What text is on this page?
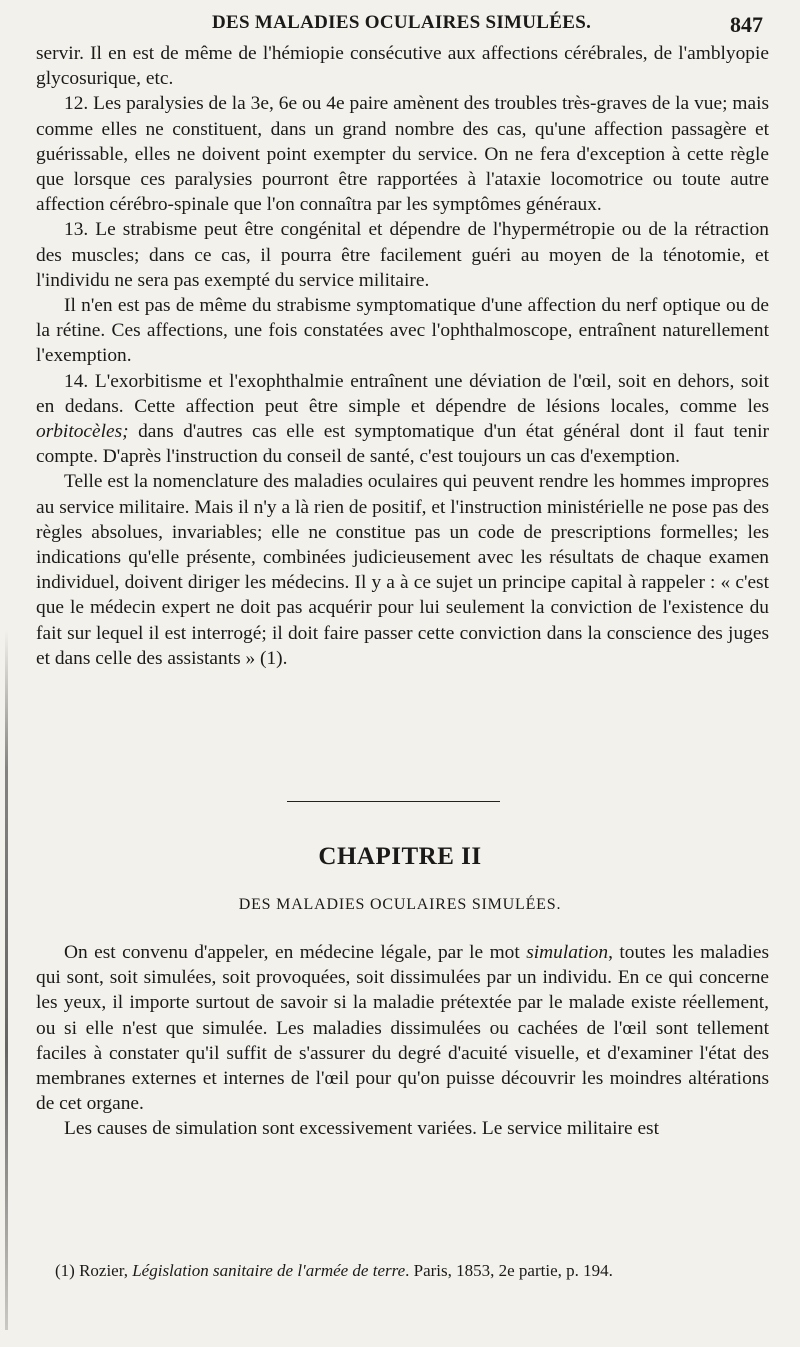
DES MALADIES OCULAIRES SIMULÉES.	847

servir. Il en est de même de l'hémiopie consécutive aux affections cérébrales, de l'amblyopie glycosurique, etc.

12. Les paralysies de la 3e, 6e ou 4e paire amènent des troubles très-graves de la vue; mais comme elles ne constituent, dans un grand nombre des cas, qu'une affection passagère et guérissable, elles ne doivent point exempter du service. On ne fera d'exception à cette règle que lorsque ces paralysies pourront être rapportées à l'ataxie locomotrice ou toute autre affection cérébro-spinale que l'on connaîtra par les symptômes généraux.

13. Le strabisme peut être congénital et dépendre de l'hypermétropie ou de la rétraction des muscles; dans ce cas, il pourra être facilement guéri au moyen de la ténotomie, et l'individu ne sera pas exempté du service militaire.

Il n'en est pas de même du strabisme symptomatique d'une affection du nerf optique ou de la rétine. Ces affections, une fois constatées avec l'ophthalmoscope, entraînent naturellement l'exemption.

14. L'exorbitisme et l'exophthalmie entraînent une déviation de l'œil, soit en dehors, soit en dedans. Cette affection peut être simple et dépendre de lésions locales, comme les orbitocèles; dans d'autres cas elle est symptomatique d'un état général dont il faut tenir compte. D'après l'instruction du conseil de santé, c'est toujours un cas d'exemption.

Telle est la nomenclature des maladies oculaires qui peuvent rendre les hommes impropres au service militaire. Mais il n'y a là rien de positif, et l'instruction ministérielle ne pose pas des règles absolues, invariables; elle ne constitue pas un code de prescriptions formelles; les indications qu'elle présente, combinées judicieusement avec les résultats de chaque examen individuel, doivent diriger les médecins. Il y a à ce sujet un principe capital à rappeler : « c'est que le médecin expert ne doit pas acquérir pour lui seulement la conviction de l'existence du fait sur lequel il est interrogé; il doit faire passer cette conviction dans la conscience des juges et dans celle des assistants » (1).

CHAPITRE II
DES MALADIES OCULAIRES SIMULÉES.

On est convenu d'appeler, en médecine légale, par le mot simulation, toutes les maladies qui sont, soit simulées, soit provoquées, soit dissimulées par un individu. En ce qui concerne les yeux, il importe surtout de savoir si la maladie prétextée par le malade existe réellement, ou si elle n'est que simulée. Les maladies dissimulées ou cachées de l'œil sont tellement faciles à constater qu'il suffit de s'assurer du degré d'acuité visuelle, et d'examiner l'état des membranes externes et internes de l'œil pour qu'on puisse découvrir les moindres altérations de cet organe.

Les causes de simulation sont excessivement variées. Le service militaire est

(1) Rozier, Législation sanitaire de l'armée de terre. Paris, 1853, 2e partie, p. 194.
